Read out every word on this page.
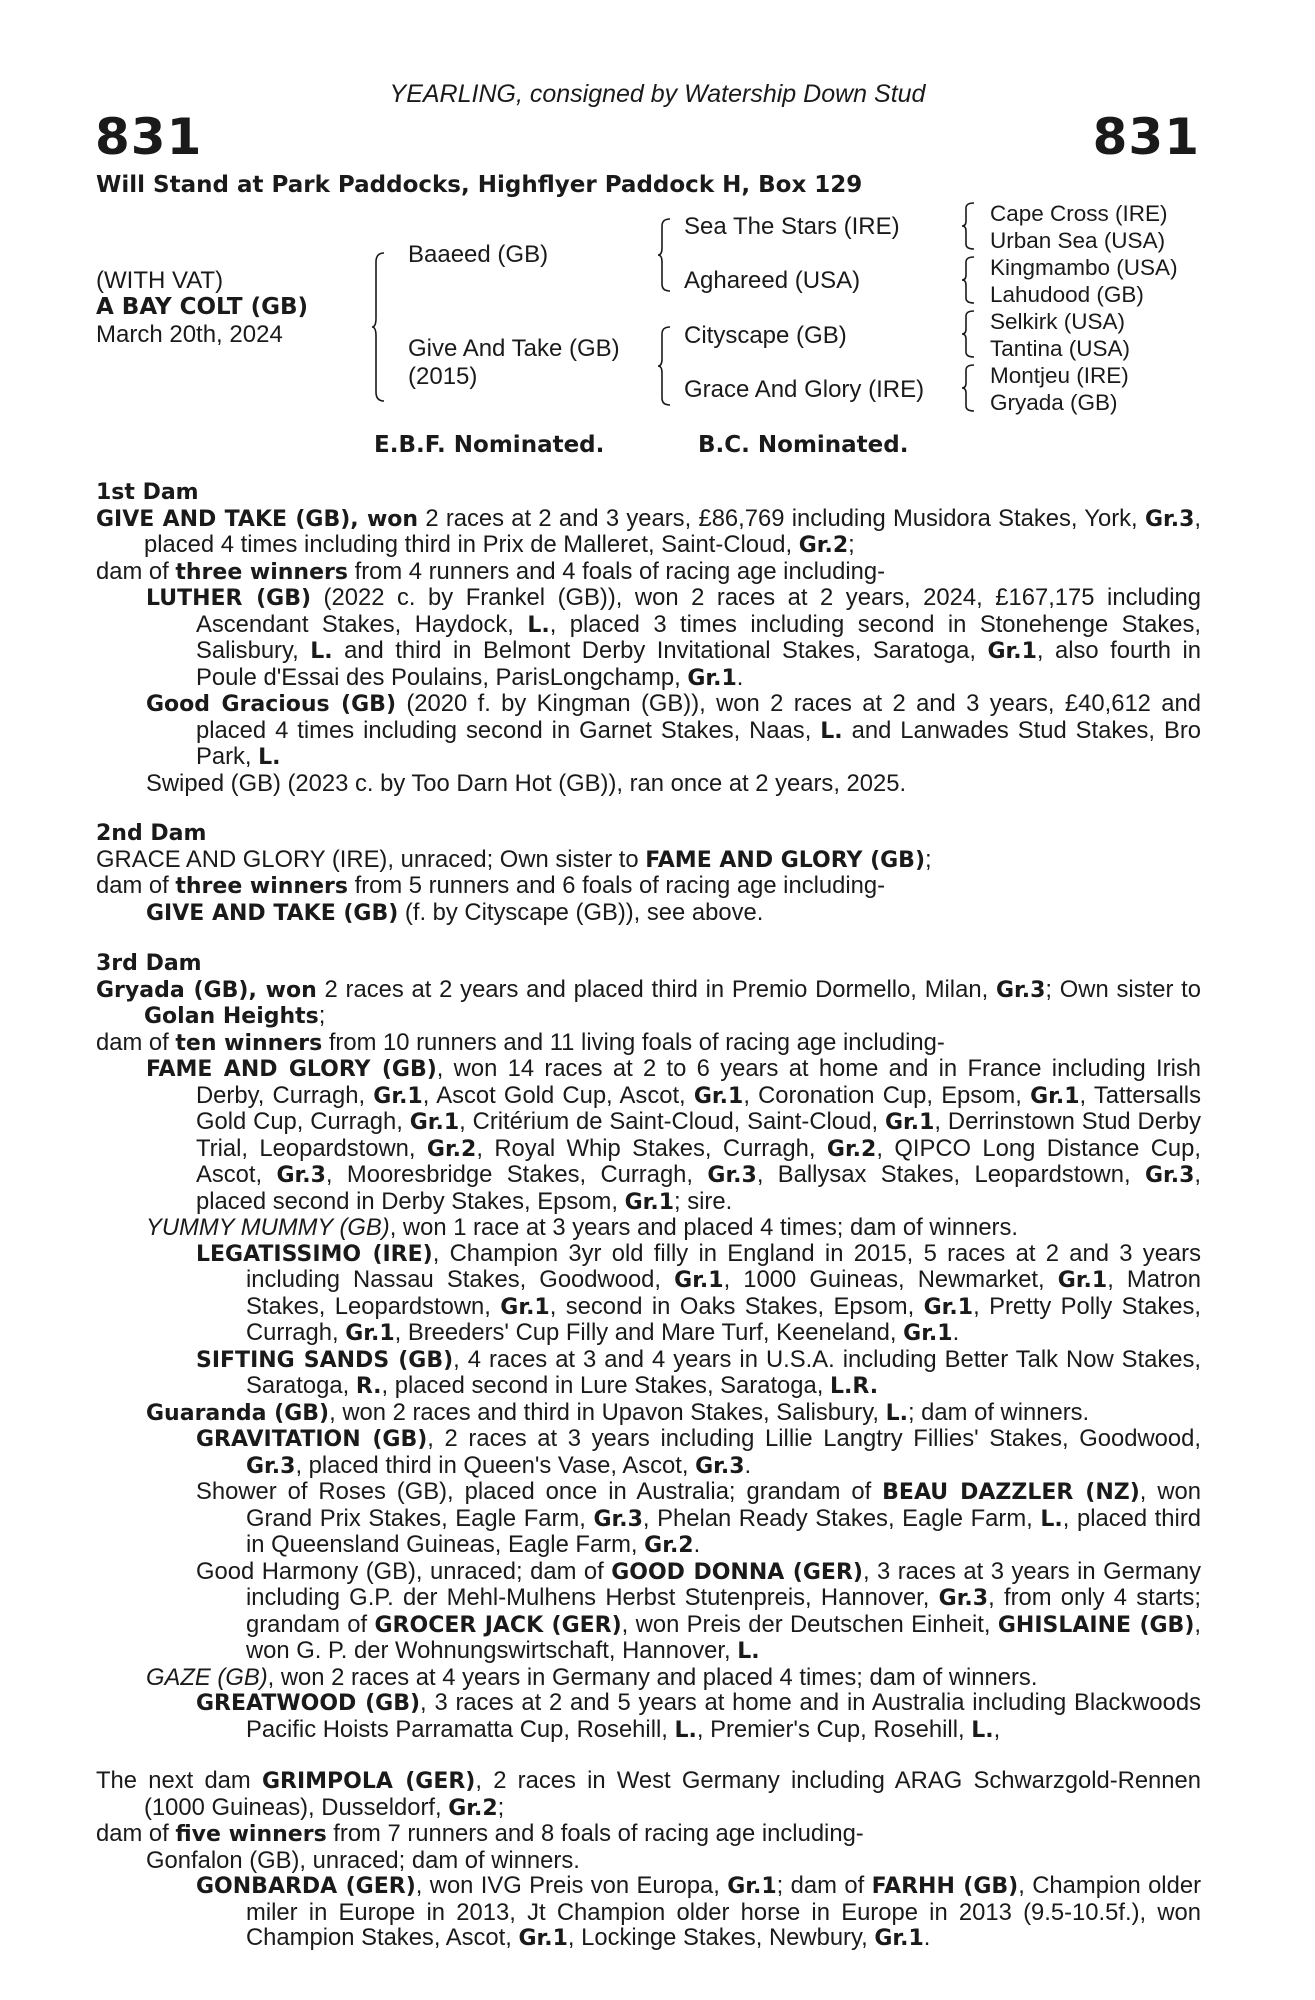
YEARLING, consigned by Watership Down Stud
831	831
Will Stand at Park Paddocks, Highflyer Paddock H, Box 129
(WITH VAT)
A BAY COLT (GB)
March 20th, 2024
Baaeed (GB)
Give And Take (GB)
(2015)
Sea The Stars (IRE)
Aghareed (USA)
Cityscape (GB)
Grace And Glory (IRE)
Cape Cross (IRE)
Urban Sea (USA)
Kingmambo (USA)
Lahudood (GB)
Selkirk (USA)
Tantina (USA)
Montjeu (IRE)
Gryada (GB)
E.B.F. Nominated.	B.C. Nominated.
1st Dam

GIVE AND TAKE (GB), won 2 races at 2 and 3 years, £86,769 including Musidora Stakes, York, Gr.3, placed 4 times including third in Prix de Malleret, Saint-Cloud, Gr.2;

dam of three winners from 4 runners and 4 foals of racing age including-

LUTHER (GB) (2022 c. by Frankel (GB)), won 2 races at 2 years, 2024, £167,175 including Ascendant Stakes, Haydock, L., placed 3 times including second in Stonehenge Stakes, Salisbury, L. and third in Belmont Derby Invitational Stakes, Saratoga, Gr.1, also fourth in Poule d'Essai des Poulains, ParisLongchamp, Gr.1.

Good Gracious (GB) (2020 f. by Kingman (GB)), won 2 races at 2 and 3 years, £40,612 and placed 4 times including second in Garnet Stakes, Naas, L. and Lanwades Stud Stakes, Bro Park, L.

Swiped (GB) (2023 c. by Too Darn Hot (GB)), ran once at 2 years, 2025.

2nd Dam

GRACE AND GLORY (IRE), unraced; Own sister to FAME AND GLORY (GB);

dam of three winners from 5 runners and 6 foals of racing age including-

GIVE AND TAKE (GB) (f. by Cityscape (GB)), see above.

3rd Dam

Gryada (GB), won 2 races at 2 years and placed third in Premio Dormello, Milan, Gr.3; Own sister to Golan Heights;

dam of ten winners from 10 runners and 11 living foals of racing age including-

FAME AND GLORY (GB), won 14 races at 2 to 6 years at home and in France including Irish Derby, Curragh, Gr.1, Ascot Gold Cup, Ascot, Gr.1, Coronation Cup, Epsom, Gr.1, Tattersalls Gold Cup, Curragh, Gr.1, Critérium de Saint-Cloud, Saint-Cloud, Gr.1, Derrinstown Stud Derby Trial, Leopardstown, Gr.2, Royal Whip Stakes, Curragh, Gr.2, QIPCO Long Distance Cup, Ascot, Gr.3, Mooresbridge Stakes, Curragh, Gr.3, Ballysax Stakes, Leopardstown, Gr.3, placed second in Derby Stakes, Epsom, Gr.1; sire.

YUMMY MUMMY (GB), won 1 race at 3 years and placed 4 times; dam of winners.

LEGATISSIMO (IRE), Champion 3yr old filly in England in 2015, 5 races at 2 and 3 years including Nassau Stakes, Goodwood, Gr.1, 1000 Guineas, Newmarket, Gr.1, Matron Stakes, Leopardstown, Gr.1, second in Oaks Stakes, Epsom, Gr.1, Pretty Polly Stakes, Curragh, Gr.1, Breeders' Cup Filly and Mare Turf, Keeneland, Gr.1.

SIFTING SANDS (GB), 4 races at 3 and 4 years in U.S.A. including Better Talk Now Stakes, Saratoga, R., placed second in Lure Stakes, Saratoga, L.R.

Guaranda (GB), won 2 races and third in Upavon Stakes, Salisbury, L.; dam of winners.

GRAVITATION (GB), 2 races at 3 years including Lillie Langtry Fillies' Stakes, Goodwood, Gr.3, placed third in Queen's Vase, Ascot, Gr.3.

Shower of Roses (GB), placed once in Australia; grandam of BEAU DAZZLER (NZ), won Grand Prix Stakes, Eagle Farm, Gr.3, Phelan Ready Stakes, Eagle Farm, L., placed third in Queensland Guineas, Eagle Farm, Gr.2.

Good Harmony (GB), unraced; dam of GOOD DONNA (GER), 3 races at 3 years in Germany including G.P. der Mehl-Mulhens Herbst Stutenpreis, Hannover, Gr.3, from only 4 starts; grandam of GROCER JACK (GER), won Preis der Deutschen Einheit, GHISLAINE (GB), won G. P. der Wohnungswirtschaft, Hannover, L.

GAZE (GB), won 2 races at 4 years in Germany and placed 4 times; dam of winners.

GREATWOOD (GB), 3 races at 2 and 5 years at home and in Australia including Blackwoods Pacific Hoists Parramatta Cup, Rosehill, L., Premier's Cup, Rosehill, L.,

The next dam GRIMPOLA (GER), 2 races in West Germany including ARAG Schwarzgold-Rennen (1000 Guineas), Dusseldorf, Gr.2;

dam of five winners from 7 runners and 8 foals of racing age including-

Gonfalon (GB), unraced; dam of winners.

GONBARDA (GER), won IVG Preis von Europa, Gr.1; dam of FARHH (GB), Champion older miler in Europe in 2013, Jt Champion older horse in Europe in 2013 (9.5-10.5f.), won Champion Stakes, Ascot, Gr.1, Lockinge Stakes, Newbury, Gr.1.
